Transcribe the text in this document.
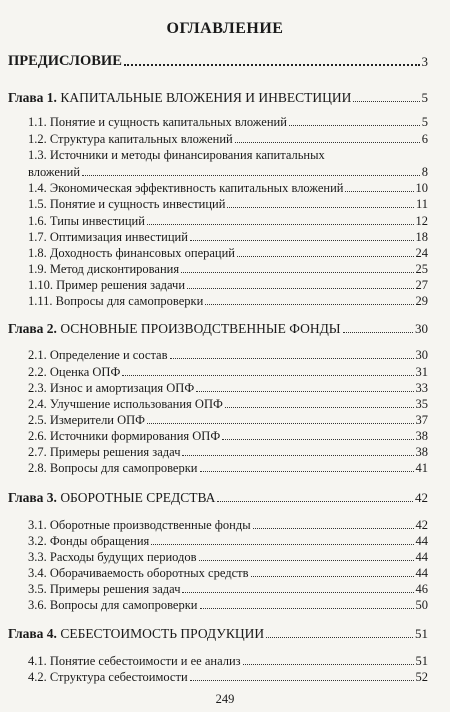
ОГЛАВЛЕНИЕ
ПРЕДИСЛОВИЕ	3
Глава 1. КАПИТАЛЬНЫЕ ВЛОЖЕНИЯ И ИНВЕСТИЦИИ	5
1.1. Понятие и сущность капитальных вложений	5
1.2. Структура капитальных вложений	6
1.3. Источники и методы финансирования капитальных
вложений	8
1.4. Экономическая эффективность капитальных вложений	10
1.5. Понятие и сущность инвестиций	11
1.6. Типы инвестиций	12
1.7. Оптимизация инвестиций	18
1.8. Доходность финансовых операций	24
1.9. Метод дисконтирования	25
1.10. Пример решения задачи	27
1.11. Вопросы для самопроверки	29
Глава 2. ОСНОВНЫЕ ПРОИЗВОДСТВЕННЫЕ ФОНДЫ	30
2.1. Определение и состав	30
2.2. Оценка ОПФ	31
2.3. Износ и амортизация ОПФ	33
2.4. Улучшение использования ОПФ	35
2.5. Измерители ОПФ	37
2.6. Источники формирования ОПФ	38
2.7. Примеры решения задач	38
2.8. Вопросы для самопроверки	41
Глава 3. ОБОРОТНЫЕ СРЕДСТВА	42
3.1. Оборотные производственные фонды	42
3.2. Фонды обращения	44
3.3. Расходы будущих периодов	44
3.4. Оборачиваемость оборотных средств	44
3.5. Примеры решения задач	46
3.6. Вопросы для самопроверки	50
Глава 4. СЕБЕСТОИМОСТЬ ПРОДУКЦИИ	51
4.1. Понятие себестоимости и ее анализ	51
4.2. Структура себестоимости	52
249
